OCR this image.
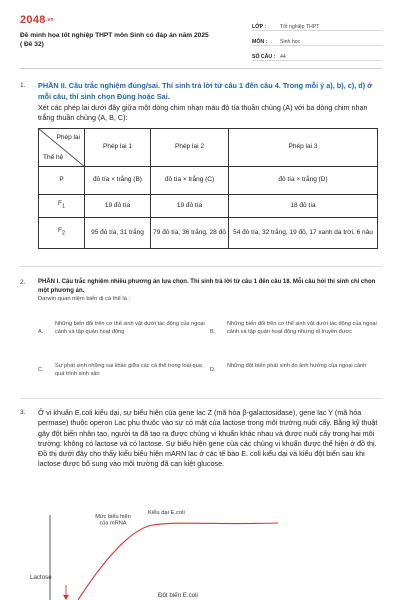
2048.vn
Đề minh họa tốt nghiệp THPT môn Sinh có đáp án năm 2025 ( Đề 32)
LỚP :	Tốt nghiệp THPT
MÔN :	Sinh học
SỐ CÂU : 44
1. PHẦN II. Câu trắc nghiệm đúng/sai. Thí sinh trả lời từ câu 1 đến câu 4. Trong mỗi ý a), b), c), d) ở mỗi câu, thí sinh chọn Đúng hoặc Sai.
Xét các phép lai dưới đây giữa một dòng chim nhạn màu đỏ tía thuần chủng (A) với ba dòng chim nhạn trắng thuần chủng (A, B, C):
Phép lai
Thế hệ	Phép lai 1	Phép lai 2	Phép lai 3
P	đỏ tía × trắng (B)	đỏ tía × trắng (C)	đỏ tía × trắng (D)
$F_1$	19 đỏ tía	19 đỏ tía	18 đỏ tía
$F_2$	95 đỏ tía, 31 trắng	79 đỏ tía, 36 trắng, 28 đỏ	54 đỏ tía, 32 trắng, 19 đỏ, 17 xanh da trời, 6 nâu
2. PHẦN I. Câu trắc nghiệm nhiều phương án lựa chọn. Thí sinh trả lời từ câu 1 đến câu 18. Mỗi câu hỏi thí sinh chỉ chọn một phương án.
Darwin quan niệm biến dị cá thể là :
A.
Những biến đổi trên cơ thể sinh vật dưới tác động của ngoại cảnh và tập quán hoạt động	B.
Những biến đổi trên cơ thể sinh vật dưới tác động của ngoại cảnh và tập quán hoạt động nhưng di truyền được
C.
Sự phát sinh những sai khác giữa các cá thể trong loài qua quá trình sinh sản
D.
Những đột biến phát sinh do ảnh hưởng của ngoại cảnh
3. Ở vi khuẩn E.coli kiểu dại, sự biểu hiện của gene lac Z (mã hóa β-galactosidase), gene lac Y (mã hóa permase) thuộc operon Lac phụ thuộc vào sự có mặt của lactose trong môi trường nuôi cấy. Bằng kỹ thuật gây đột biến nhân tạo, người ta đã tạo ra được chủng vi khuẩn khác nhau và được nuôi cấy trong hai môi trường: không có lactose và có lactose. Sự biểu hiện gene của các chủng vi khuẩn được thể hiện ở đồ thị. Đồ thị dưới đây cho thấy kiểu biểu hiện mARN lac ở các tế bào E. coli kiểu dại và kiểu đột biến sau khi lactose được bổ sung vào môi trường đã cạn kiệt glucose.
Mức biểu hiện của mRNA
Kiểu dại E.coli
Lactose
Đột biến E.coli
